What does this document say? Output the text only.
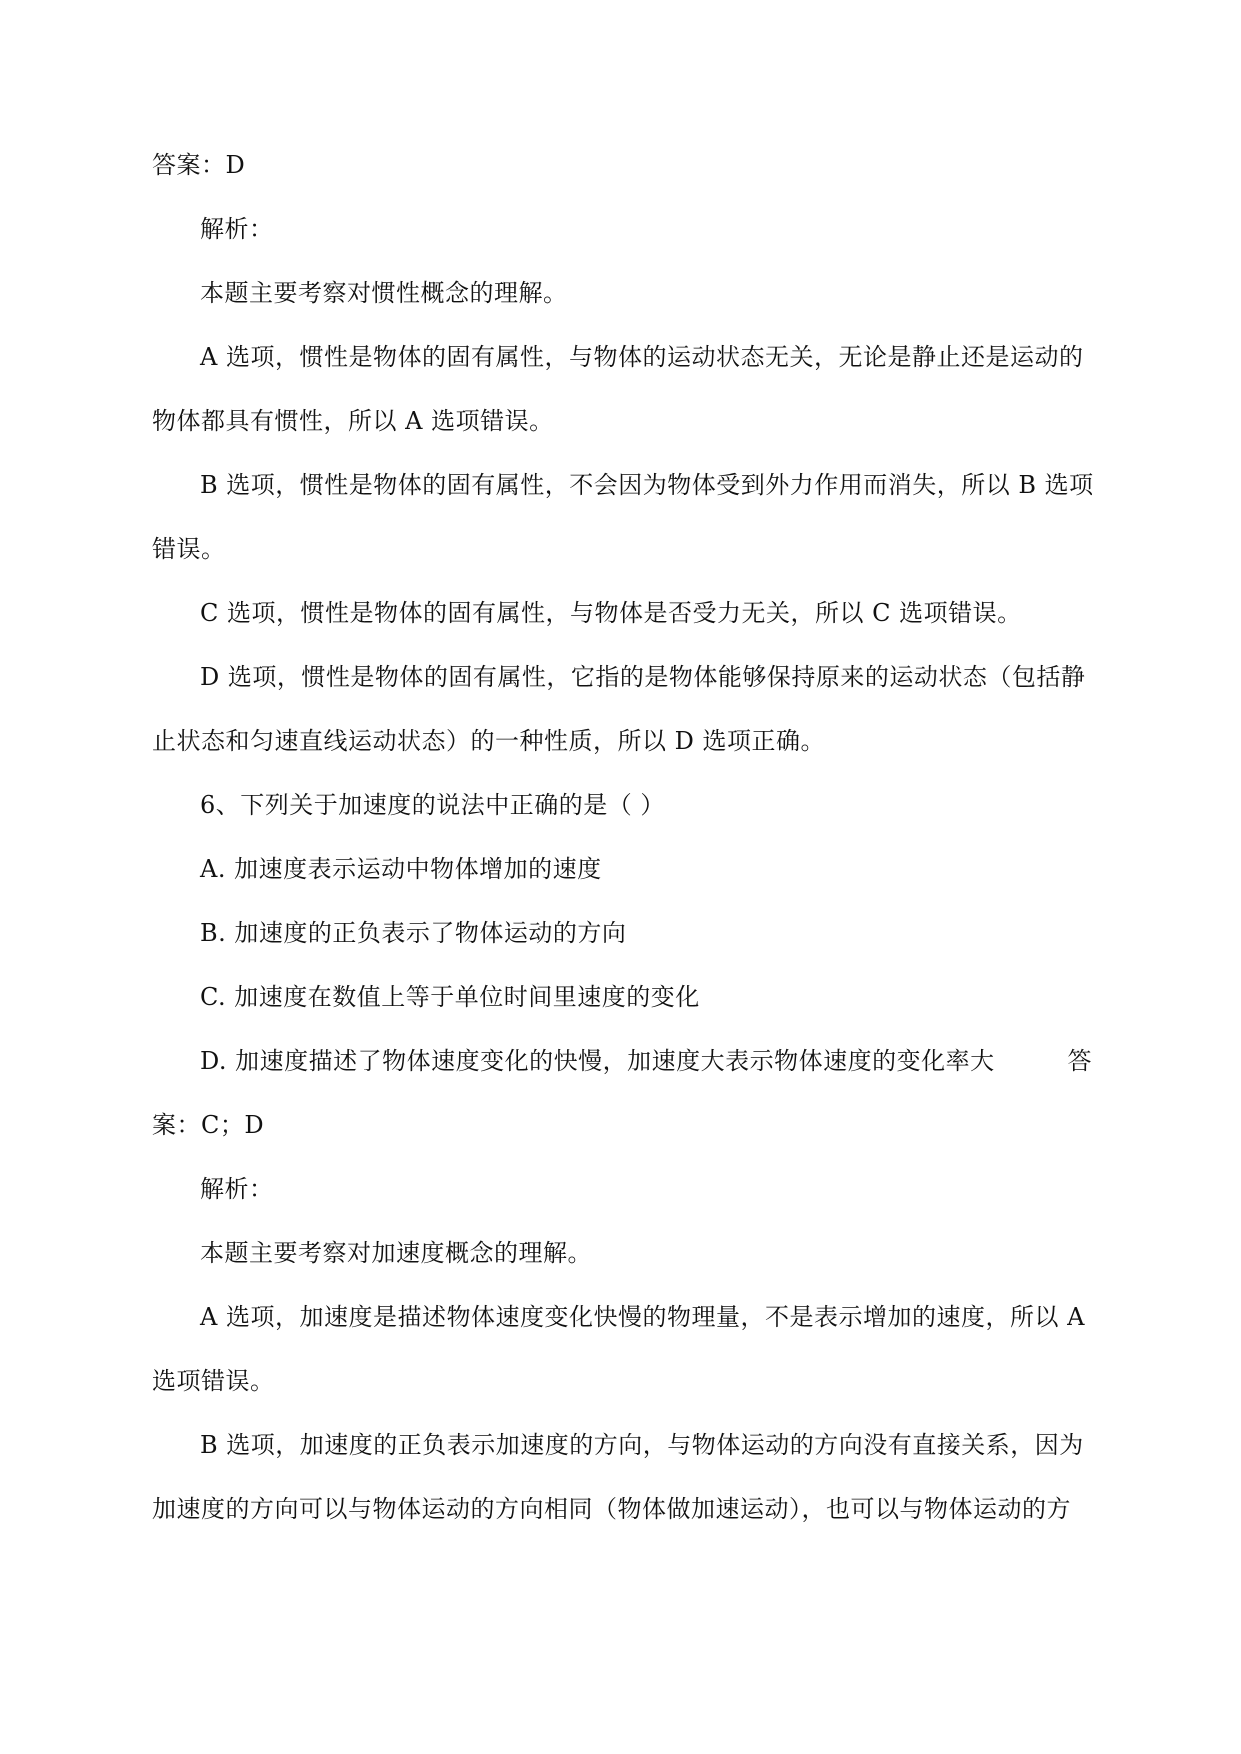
答案：D
解析：
本题主要考察对惯性概念的理解。
A 选项，惯性是物体的固有属性，与物体的运动状态无关，无论是静止还是运动的
物体都具有惯性，所以 A 选项错误。
B 选项，惯性是物体的固有属性，不会因为物体受到外力作用而消失，所以 B 选项
错误。
C 选项，惯性是物体的固有属性，与物体是否受力无关，所以 C 选项错误。
D 选项，惯性是物体的固有属性，它指的是物体能够保持原来的运动状态（包括静
止状态和匀速直线运动状态）的一种性质，所以 D 选项正确。
6、下列关于加速度的说法中正确的是（ ）
A. 加速度表示运动中物体增加的速度
B. 加速度的正负表示了物体运动的方向
C. 加速度在数值上等于单位时间里速度的变化
D. 加速度描述了物体速度变化的快慢，加速度大表示物体速度的变化率大	答
案：C；D
解析：
本题主要考察对加速度概念的理解。
A 选项，加速度是描述物体速度变化快慢的物理量，不是表示增加的速度，所以 A
选项错误。
B 选项，加速度的正负表示加速度的方向，与物体运动的方向没有直接关系，因为
加速度的方向可以与物体运动的方向相同（物体做加速运动），也可以与物体运动的方
